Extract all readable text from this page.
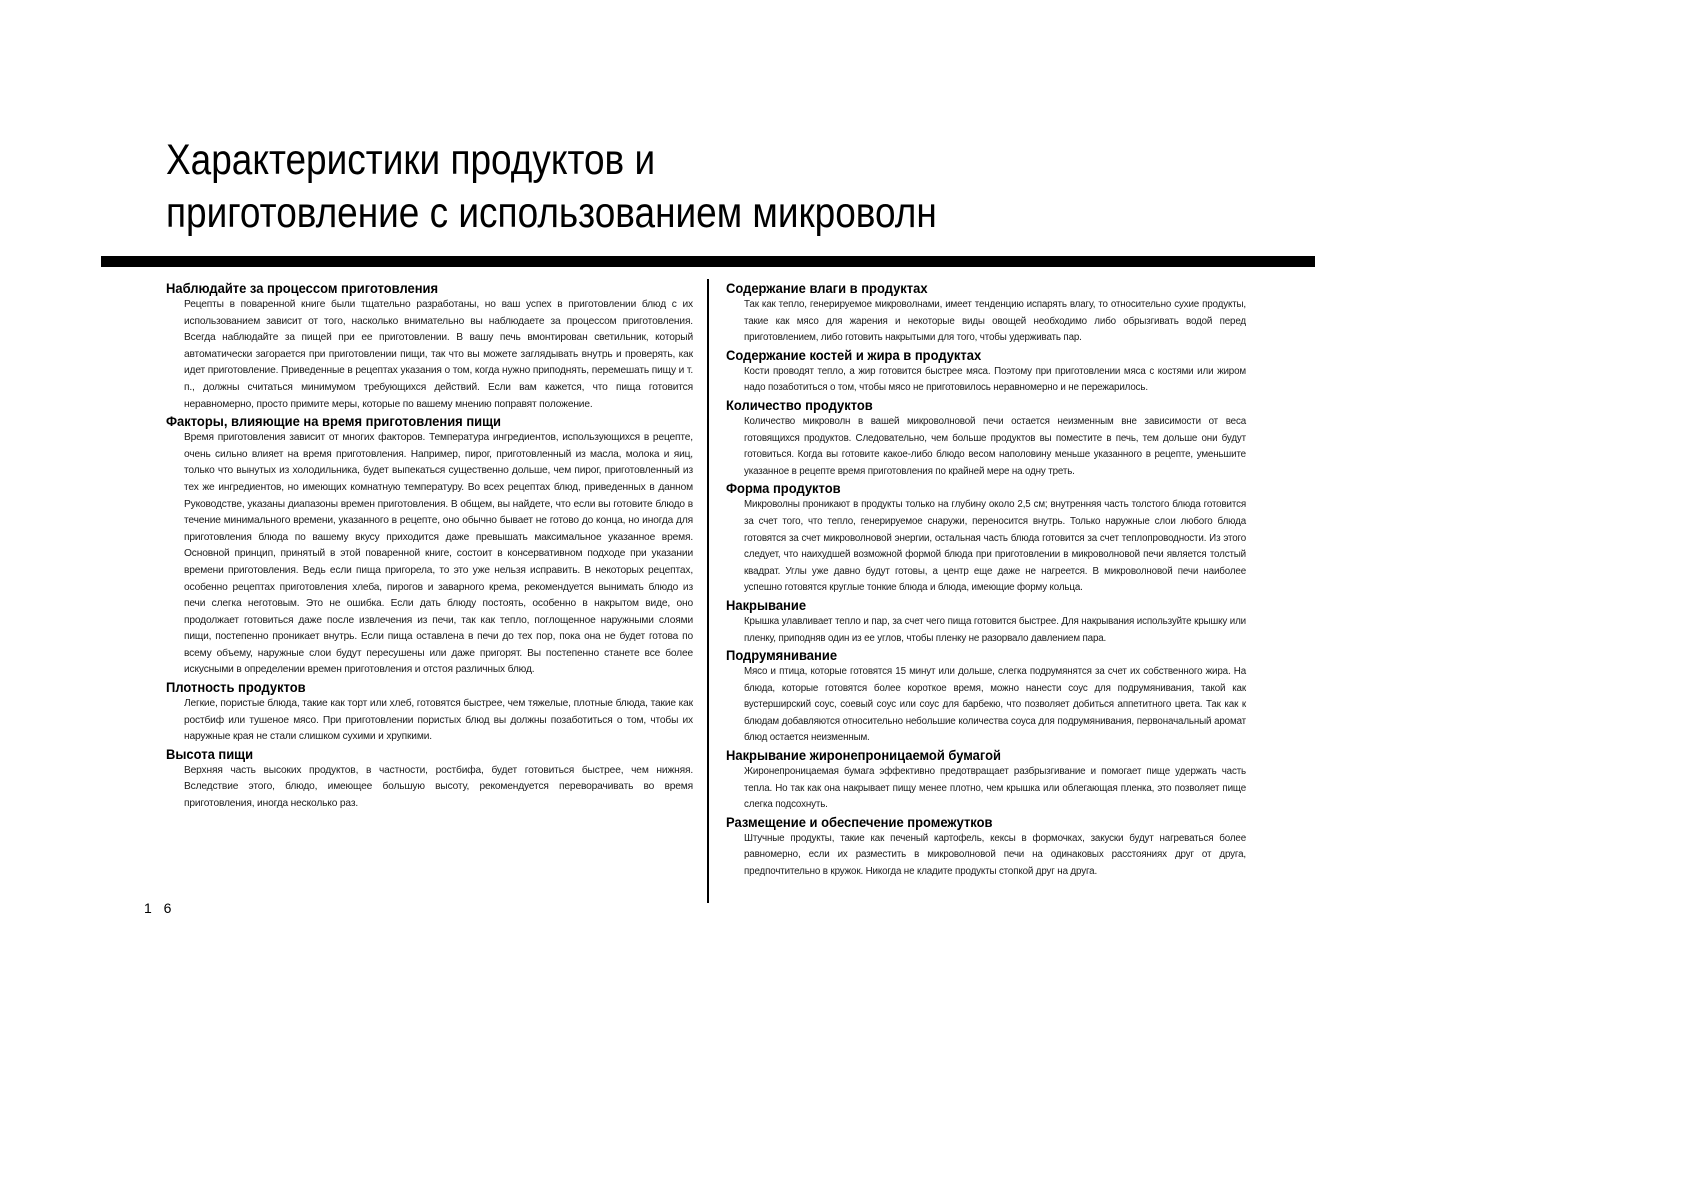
Характеристики продуктов и
приготовление с использованием микроволн
Наблюдайте за процессом приготовления
Рецепты в поваренной книге были тщательно разработаны, но ваш успех в приготовлении блюд с их использованием зависит от того, насколько внимательно вы наблюдаете за процессом приготовления. Всегда наблюдайте за пищей при ее приготовлении. В вашу печь вмонтирован светильник, который автоматически загорается при приготовлении пищи, так что вы можете заглядывать внутрь и проверять, как идет приготовление. Приведенные в рецептах указания о том, когда нужно приподнять, перемешать пищу и т. п., должны считаться минимумом требующихся действий. Если вам кажется, что пища готовится неравномерно, просто примите меры, которые по вашему мнению поправят положение.
Факторы, влияющие на время приготовления пищи
Время приготовления зависит от многих факторов. Температура ингредиентов, использующихся в рецепте, очень сильно влияет на время приготовления. Например, пирог, приготовленный из масла, молока и яиц, только что вынутых из холодильника, будет выпекаться существенно дольше, чем пирог, приготовленный из тех же ингредиентов, но имеющих комнатную температуру. Во всех рецептах блюд, приведенных в данном Руководстве, указаны диапазоны времен приготовления. В общем, вы найдете, что если вы готовите блюдо в течение минимального времени, указанного в рецепте, оно обычно бывает не готово до конца, но иногда для приготовления блюда по вашему вкусу приходится даже превышать максимальное указанное время. Основной принцип, принятый в этой поваренной книге, состоит в консервативном подходе при указании времени приготовления. Ведь если пища пригорела, то это уже нельзя исправить. В некоторых рецептах, особенно рецептах приготовления хлеба, пирогов и заварного крема, рекомендуется вынимать блюдо из печи слегка неготовым. Это не ошибка. Если дать блюду постоять, особенно в накрытом виде, оно продолжает готовиться даже после извлечения из печи, так как тепло, поглощенное наружными слоями пищи, постепенно проникает внутрь. Если пища оставлена в печи до тех пор, пока она не будет готова по всему объему, наружные слои будут пересушены или даже пригорят. Вы постепенно станете все более искусными в определении времен приготовления и отстоя различных блюд.
Плотность продуктов
Легкие, пористые блюда, такие как торт или хлеб, готовятся быстрее, чем тяжелые, плотные блюда, такие как ростбиф или тушеное мясо. При приготовлении пористых блюд вы должны позаботиться о том, чтобы их наружные края не стали слишком сухими и хрупкими.
Высота пищи
Верхняя часть высоких продуктов, в частности, ростбифа, будет готовиться быстрее, чем нижняя. Вследствие этого, блюдо, имеющее большую высоту, рекомендуется переворачивать во время приготовления, иногда несколько раз.
Содержание влаги в продуктах
Так как тепло, генерируемое микроволнами, имеет тенденцию испарять влагу, то относительно сухие продукты, такие как мясо для жарения и некоторые виды овощей необходимо либо обрызгивать водой перед приготовлением, либо готовить накрытыми для того, чтобы удерживать пар.
Содержание костей и жира в продуктах
Кости проводят тепло, а жир готовится быстрее мяса. Поэтому при приготовлении мяса с костями или жиром надо позаботиться о том, чтобы мясо не приготовилось неравномерно и не пережарилось.
Количество продуктов
Количество микроволн в вашей микроволновой печи остается неизменным вне зависимости от веса готовящихся продуктов. Следовательно, чем больше продуктов вы поместите в печь, тем дольше они будут готовиться. Когда вы готовите какое-либо блюдо весом наполовину меньше указанного в рецепте, уменьшите указанное в рецепте время приготовления по крайней мере на одну треть.
Форма продуктов
Микроволны проникают в продукты только на глубину около 2,5 см; внутренняя часть толстого блюда готовится за счет того, что тепло, генерируемое снаружи, переносится внутрь. Только наружные слои любого блюда готовятся за счет микроволновой энергии, остальная часть блюда готовится за счет теплопроводности. Из этого следует, что наихудшей возможной формой блюда при приготовлении в микроволновой печи является толстый квадрат. Углы уже давно будут готовы, а центр еще даже не нагреется. В микроволновой печи наиболее успешно готовятся круглые тонкие блюда и блюда, имеющие форму кольца.
Накрывание
Крышка улавливает тепло и пар, за счет чего пища готовится быстрее. Для накрывания используйте крышку или пленку, приподняв один из ее углов, чтобы пленку не разорвало давлением пара.
Подрумянивание
Мясо и птица, которые готовятся 15 минут или дольше, слегка подрумянятся за счет их собственного жира. На блюда, которые готовятся более короткое время, можно нанести соус для подрумянивания, такой как вустерширский соус, соевый соус или соус для барбекю, что позволяет добиться аппетитного цвета. Так как к блюдам добавляются относительно небольшие количества соуса для подрумянивания, первоначальный аромат блюд остается неизменным.
Накрывание жиронепроницаемой бумагой
Жиронепроницаемая бумага эффективно предотвращает разбрызгивание и помогает пище удержать часть тепла. Но так как она накрывает пищу менее плотно, чем крышка или облегающая пленка, это позволяет пище слегка подсохнуть.
Размещение и обеспечение промежутков
Штучные продукты, такие как печеный картофель, кексы в формочках, закуски будут нагреваться более равномерно, если их разместить в микроволновой печи на одинаковых расстояниях друг от друга, предпочтительно в кружок. Никогда не кладите продукты стопкой друг на друга.
1 6
